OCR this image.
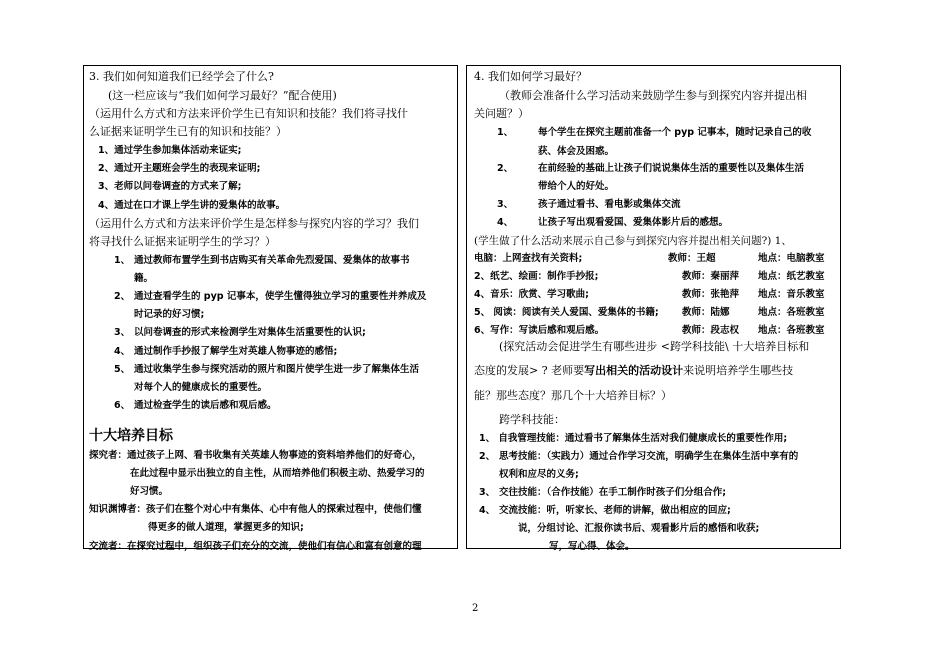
3. 我们如何知道我们已经学会了什么?
(这一栏应该与“我们如何学习最好？”配合使用)
（运用什么方式和方法来评价学生已有知识和技能？我们将寻找什
么证据来证明学生已有的知识和技能？）
1、通过学生参加集体活动来证实;
2、通过开主题班会学生的表现来证明;
3、老师以问卷调查的方式来了解;
4、通过在口才课上学生讲的爱集体的故事。
（运用什么方式和方法来评价学生是怎样参与探究内容的学习？我们
将寻找什么证据来证明学生的学习？）
1、 通过教师布置学生到书店购买有关革命先烈爱国、爱集体的故事书
籍。
2、 通过查看学生的 pyp 记事本，使学生懂得独立学习的重要性并养成及
时记录的好习惯;
3、 以问卷调查的形式来检测学生对集体生活重要性的认识;
4、 通过制作手抄报了解学生对英雄人物事迹的感悟;
5、 通过收集学生参与探究活动的照片和图片使学生进一步了解集体生活
对每个人的健康成长的重要性。
6、 通过检查学生的读后感和观后感。
十大培养目标
探究者：通过孩子上网、看书收集有关英雄人物事迹的资料培养他们的好奇心，
在此过程中显示出独立的自主性，从而培养他们积极主动、热爱学习的
好习惯。
知识渊博者：孩子们在整个对心中有集体、心中有他人的探索过程中，使他们懂
得更多的做人道理，掌握更多的知识;
交流者：在探究过程中，组织孩子们充分的交流，使他们有信心和富有创意的理
4. 我们如何学习最好？
（教师会准备什么学习活动来鼓励学生参与到探究内容并提出相
关问题？）
1、	每个学生在探究主题前准备一个 pyp 记事本，随时记录自己的收
获、体会及困惑。
2、	在前经验的基础上让孩子们说说集体生活的重要性以及集体生活
带给个人的好处。
3、	孩子通过看书、看电影或集体交流
4、	让孩子写出观看爱国、爱集体影片后的感想。
(学生做了什么活动来展示自己参与到探究内容并提出相关问题?) 1、
电脑：上网查找有关资料;	教师：王超	地点：电脑教室
2、纸艺、绘画：制作手抄报;	教师：秦丽萍 地点：纸艺教室
4、音乐：欣赏、学习歌曲;	教师：张艳萍 地点：音乐教室
5、 阅读：阅读有关人爱国、爱集体的书籍; 教师：陆娜	地点：各班教室
6、写作：写读后感和观后感。	教师：段志权 地点：各班教室
(探究活动会促进学生有哪些进步 <跨学科技能\ 十大培养目标和
态度的发展> ? 老师要写出相关的活动设计来说明培养学生哪些技
能？那些态度？那几个十大培养目标？）
跨学科技能：
1、 自我管理技能：通过看书了解集体生活对我们健康成长的重要性作用;
2、 思考技能：（实践力）通过合作学习交流，明确学生在集体生活中享有的
权利和应尽的义务;
3、 交往技能：（合作技能）在手工制作时孩子们分组合作;
4、 交流技能：听，听家长、老师的讲解，做出相应的回应;
说，分组讨论、汇报你读书后、观看影片后的感悟和收获;
写，写心得、体会。
2
